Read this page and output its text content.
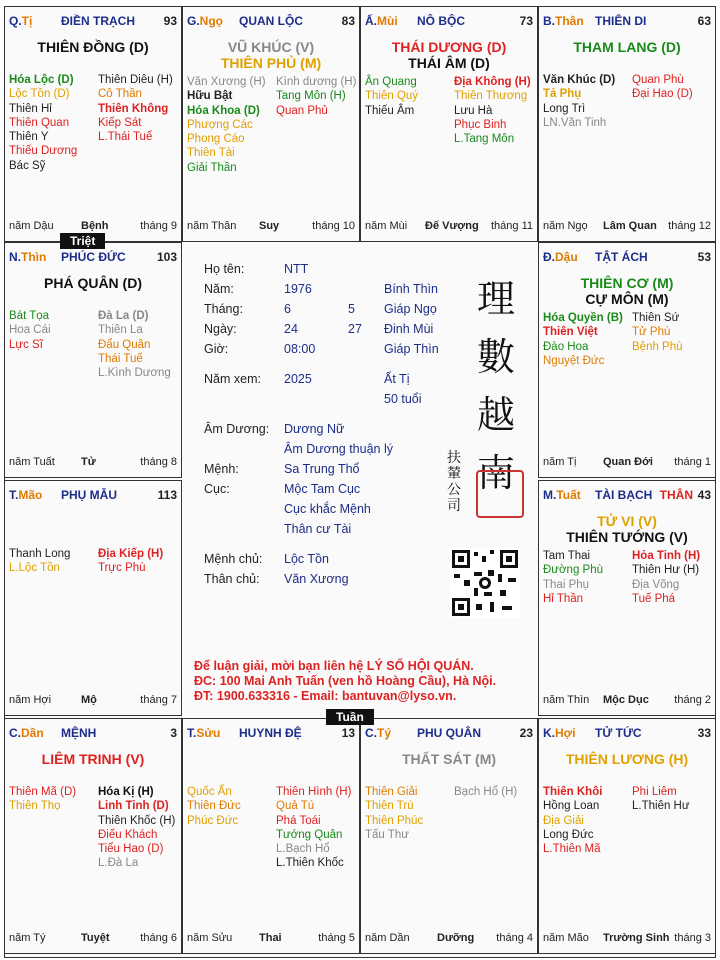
Q.Tị ĐIỀN TRẠCH 93
THIÊN ĐỒNG (D)
Hóa Lộc (D)
Lộc Tồn (D)
Thiên Hỉ
Thiên Quan
Thiên Y
Thiếu Dương
Bác Sỹ
Thiên Diêu (H)
Cô Thần
Thiên Không
Kiếp Sát
L.Thái Tuế
năm Dậu Bệnh	tháng 9
G.Ngọ QUAN LỘC	83
VŨ KHÚC (V)
THIÊN PHỦ (M)
Văn Xương (H)
Hữu Bật
Hóa Khoa (D)
Phượng Các
Phong Cáo
Thiên Tài
Giải Thần
Kình dương (H)
Tang Môn (H)
Quan Phủ
năm Thân Suy	tháng 10
Ấ.Mùi NÔ BỘC	73
THÁI DƯƠNG (D)
THÁI ÂM (D)
Ân Quang
Thiên Quý
Thiếu Âm
Địa Không (H)
Thiên Thương
Lưu Hà
Phục Binh
L.Tang Môn
năm Mùi Đế Vượng tháng 11
B.Thân THIÊN DI	63
THAM LANG (D)
Văn Khúc (D)
Tả Phụ
Long Trì
LN.Văn Tinh
Quan Phù
Đại Hao (D)
năm Ngọ Lâm Quan tháng 12
N.Thìn PHÚC ĐỨC	103
PHÁ QUÂN (D)
Bát Tọa
Hoa Cái
Lực Sĩ
Đà La (D)
Thiên La
Đẩu Quân
Thái Tuế
L.Kình Dương
năm Tuất Tử	tháng 8
Đ.Dậu TẬT ÁCH	53
THIÊN CƠ (M)
CỰ MÔN (M)
Hóa Quyền (B)
Thiên Việt
Đào Hoa
Nguyệt Đức
Thiên Sứ
Tử Phù
Bệnh Phù
năm Tị Quan Đới tháng 1
T.Mão PHỤ MẪU	113
Thanh Long
L.Lộc Tồn
Địa Kiếp (H)
Trực Phù
năm Hợi	Mộ	tháng 7
M.Tuất TÀI BẠCH THÂN 43
TỬ VI (V)
THIÊN TƯỚNG (V)
Tam Thai
Đường Phù
Thai Phụ
Hỉ Thần
Hỏa Tinh (H)
Thiên Hư (H)
Địa Võng
Tuế Phá
năm Thìn Mộc Dục tháng 2
C.Dần MỆNH	3
LIÊM TRINH (V)
Thiên Mã (D)
Thiên Thọ
Hóa Kị (H)
Linh Tinh (D)
Thiên Khốc (H)
Điếu Khách
Tiểu Hao (D)
L.Đà La
năm Tý	Tuyệt	tháng 6
T.Sửu HUYNH ĐỆ	13
Quốc Ấn
Thiên Đức
Phúc Đức
Thiên Hình (H)
Quả Tú
Phá Toái
Tướng Quân
L.Bạch Hổ
L.Thiên Khốc
năm Sửu Thai	tháng 5
C.Tý PHU QUÂN	23
THẤT SÁT (M)
Thiên Giải
Thiên Trù
Thiên Phúc
Tấu Thư
Bạch Hổ (H)
năm Dần Dưỡng tháng 4
K.Hợi TỬ TỨC	33
THIÊN LƯƠNG (H)
Thiên Khôi
Hồng Loan
Địa Giải
Long Đức
L.Thiên Mã
Phi Liêm
L.Thiên Hư
năm Mão Trường Sinh tháng 3
Họ tên:	NTT
Năm:	1976	Bính Thìn
Tháng:	6	5 Giáp Ngọ
Ngày:	24	27 Đinh Mùi
Giờ:	08:00	Giáp Thìn
Năm xem: 2025	Ất Tị
50 tuổi
Âm Dương: Dương Nữ
Âm Dương thuận lý
Mệnh:	Sa Trung Thổ
Cục:	Mộc Tam Cục
Cục khắc Mệnh
Thân cư Tài
Mệnh chủ: Lộc Tồn
Thân chủ: Văn Xương
理
數
越
南
扶
輦
公
司
Để luận giải, mời bạn liên hệ LÝ SỐ HỘI QUÁN.
ĐC: 100 Mai Anh Tuấn (ven hồ Hoàng Cầu), Hà Nội.
ĐT: 1900.633316 - Email: bantuvan@lyso.vn.
Triệt
Tuần
